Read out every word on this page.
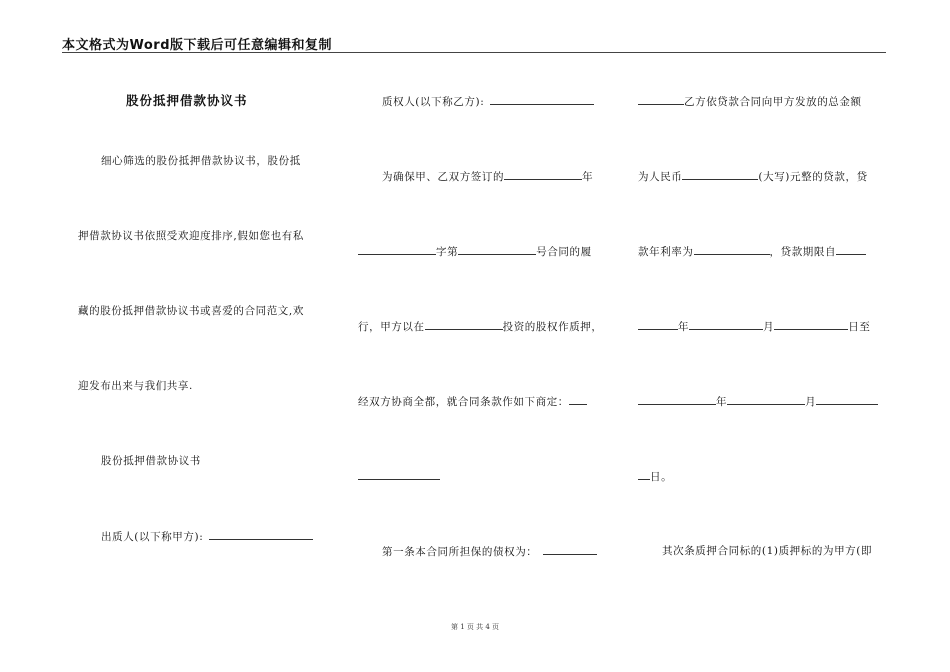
本文格式为Word版下载后可任意编辑和复制
股份抵押借款协议书
细心筛选的股份抵押借款协议书，股份抵
押借款协议书依照受欢迎度排序,假如您也有私
藏的股份抵押借款协议书或喜爱的合同范文,欢
迎发布出来与我们共享.
股份抵押借款协议书
出质人(以下称甲方):
质权人(以下称乙方):
为确保甲、乙双方签订的	年
字第	号合同的履
行，甲方以在	投资的股权作质押，
经双方协商全都，就合同条款作如下商定：
第一条本合同所担保的债权为：
乙方依贷款合同向甲方发放的总金额
为人民币	(大写)元整的贷款，贷
款年利率为	，贷款期限自
年	月	日至
年	月
日。
其次条质押合同标的(1)质押标的为甲方(即
第 1 页 共 4 页
